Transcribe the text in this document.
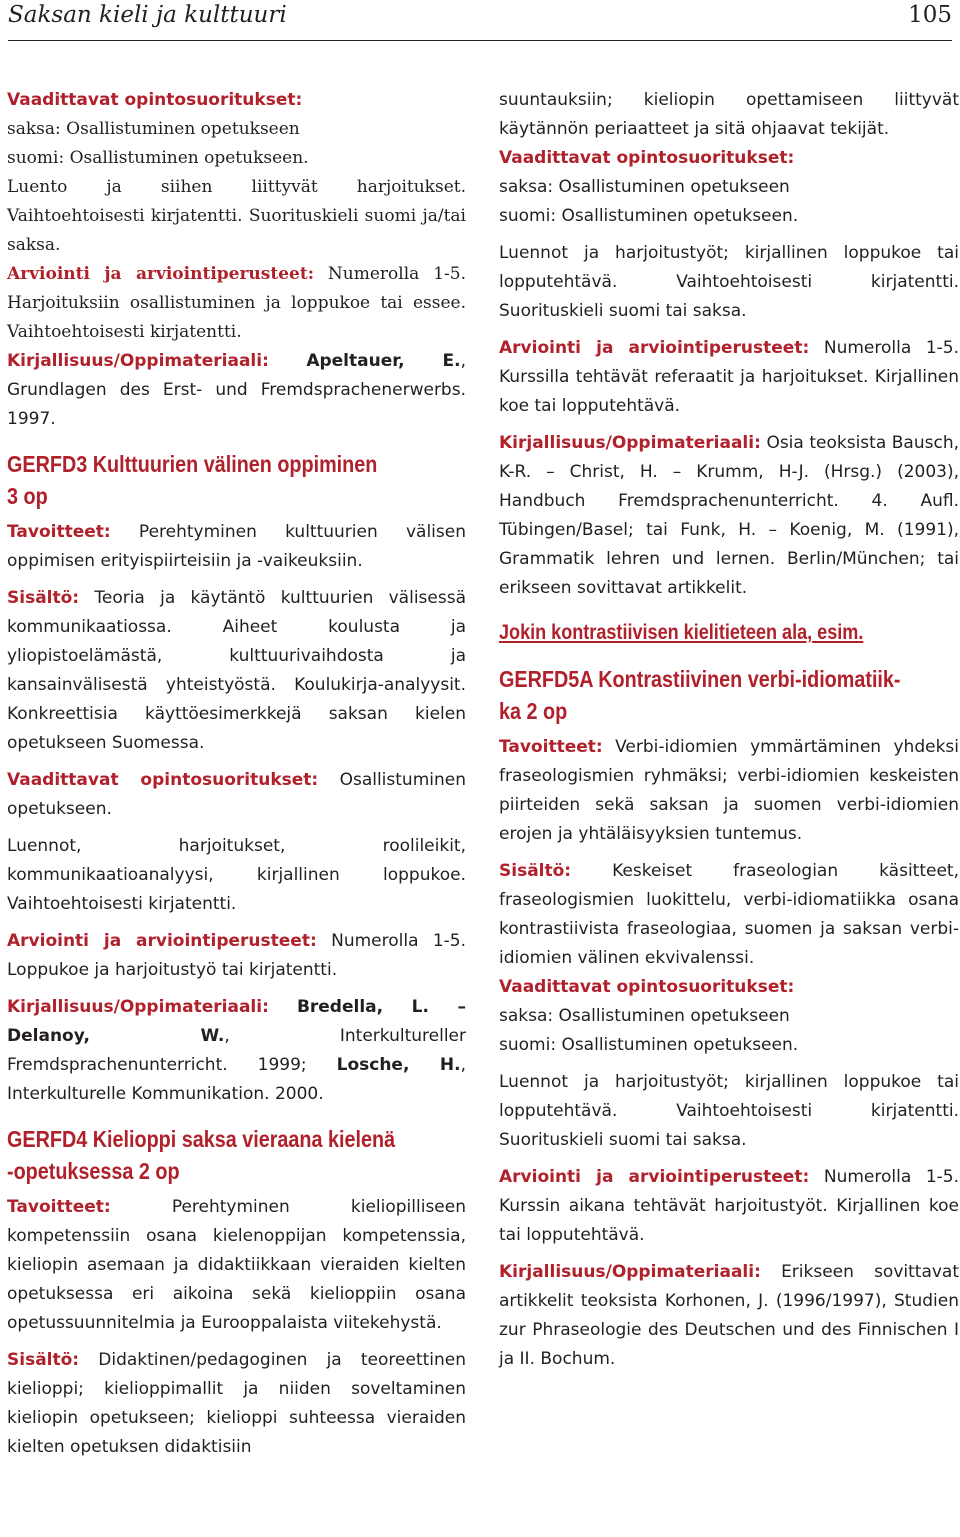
Saksan kieli ja kulttuuri	105

Vaadittavat opintosuoritukset:
saksa: Osallistuminen opetukseen
suomi: Osallistuminen opetukseen.

Luento ja siihen liittyvät harjoitukset. Vaihtoehtoisesti kirjatentti. Suorituskieli suomi ja/tai saksa.

Arviointi ja arviointiperusteet: Numerolla 1-5. Harjoituksiin osallistuminen ja loppukoe tai essee. Vaihtoehtoisesti kirjatentti.

Kirjallisuus/Oppimateriaali: Apeltauer, E., Grundlagen des Erst- und Fremdsprachenerwerbs. 1997.

GERFD3 Kulttuurien välinen oppiminen
3 op

Tavoitteet: Perehtyminen kulttuurien välisen oppimisen erityispiirteisiin ja -vaikeuksiin.

Sisältö: Teoria ja käytäntö kulttuurien välisessä kommunikaatiossa. Aiheet koulusta ja yliopistoelämästä, kulttuurivaihdosta ja kansainvälisestä yhteistyöstä. Koulukirja-analyysit. Konkreettisia käyttöesimerkkejä saksan kielen opetukseen Suomessa.

Vaadittavat opintosuoritukset: Osallistuminen opetukseen.

Luennot, harjoitukset, roolileikit, kommunikaatioanalyysi, kirjallinen loppukoe. Vaihtoehtoisesti kirjatentti.

Arviointi ja arviointiperusteet: Numerolla 1-5. Loppukoe ja harjoitustyö tai kirjatentti.

Kirjallisuus/Oppimateriaali: Bredella, L. – Delanoy, W., Interkultureller Fremdsprachenunterricht. 1999; Losche, H., Interkulturelle Kommunikation. 2000.

GERFD4 Kielioppi saksa vieraana kielenä
-opetuksessa 2 op

Tavoitteet:	Perehtyminen kieliopilliseen kompetenssiin osana kielenoppijan kompetenssia, kieliopin asemaan ja didaktiikkaan vieraiden kielten opetuksessa eri aikoina sekä kielioppiin osana opetussuunnitelmia ja Eurooppalaista viitekehystä.

Sisältö: Didaktinen/pedagoginen ja teoreettinen kielioppi; kielioppimallit ja niiden soveltaminen kieliopin opetukseen; kielioppi suhteessa vieraiden kielten opetuksen didaktisiin

suuntauksiin; kieliopin opettamiseen liittyvät käytännön periaatteet ja sitä ohjaavat tekijät.

Vaadittavat opintosuoritukset:
saksa: Osallistuminen opetukseen
suomi: Osallistuminen opetukseen.

Luennot ja harjoitustyöt; kirjallinen loppukoe tai lopputehtävä. Vaihtoehtoisesti kirjatentti. Suorituskieli suomi tai saksa.

Arviointi ja arviointiperusteet: Numerolla 1-5. Kurssilla tehtävät referaatit ja harjoitukset. Kirjallinen koe tai lopputehtävä.

Kirjallisuus/Oppimateriaali: Osia teoksista Bausch, K-R. – Christ, H. – Krumm, H-J. (Hrsg.) (2003), Handbuch Fremdsprachenunterricht. 4. Aufl. Tübingen/Basel; tai Funk, H. – Koenig, M. (1991), Grammatik lehren und lernen. Berlin/München; tai erikseen sovittavat artikkelit.

Jokin kontrastiivisen kielitieteen ala, esim.
GERFD5A Kontrastiivinen verbi-idiomatiik-
ka 2 op

Tavoitteet: Verbi-idiomien ymmärtäminen yhdeksi fraseologismien ryhmäksi; verbi-idiomien keskeisten piirteiden sekä saksan ja suomen verbi-idiomien erojen ja yhtäläisyyksien tuntemus.

Sisältö: Keskeiset fraseologian käsitteet, fraseologismien luokittelu, verbi-idiomatiikka osana kontrastiivista fraseologiaa, suomen ja saksan verbi-idiomien välinen ekvivalenssi.

Vaadittavat opintosuoritukset:
saksa: Osallistuminen opetukseen
suomi: Osallistuminen opetukseen.

Luennot ja harjoitustyöt; kirjallinen loppukoe tai lopputehtävä. Vaihtoehtoisesti kirjatentti. Suorituskieli suomi tai saksa.

Arviointi ja arviointiperusteet: Numerolla 1-5. Kurssin aikana tehtävät harjoitustyöt. Kirjallinen koe tai lopputehtävä.

Kirjallisuus/Oppimateriaali: Erikseen sovittavat artikkelit teoksista Korhonen, J. (1996/1997), Studien zur Phraseologie des Deutschen und des Finnischen I ja II. Bochum.
